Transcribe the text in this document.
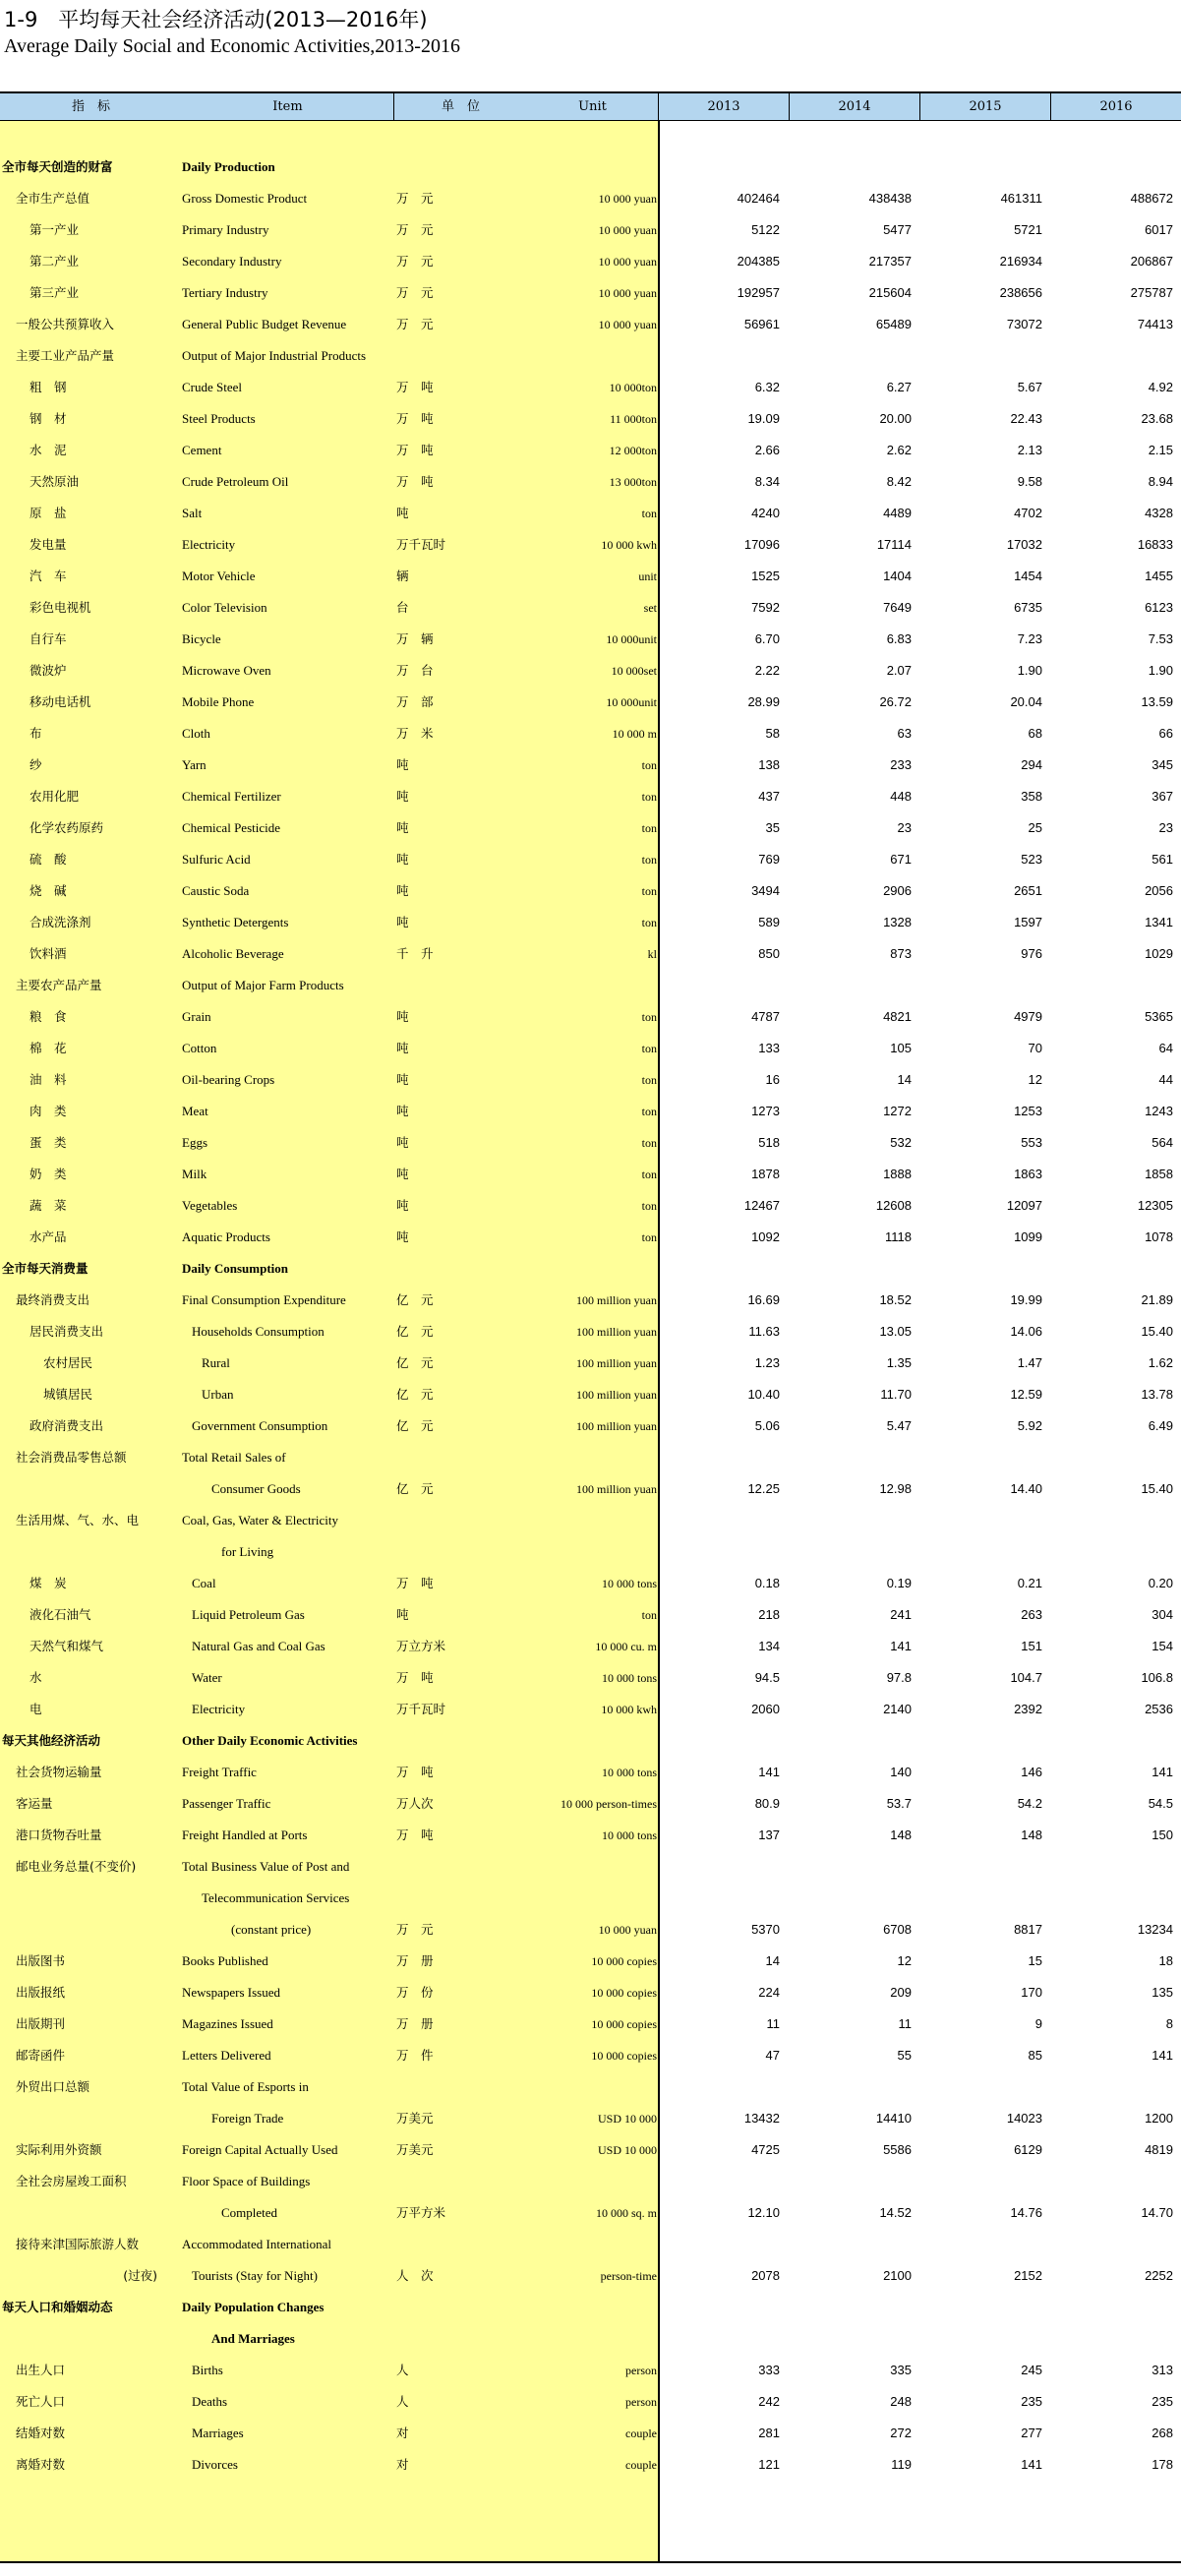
1-9　平均每天社会经济活动(2013—2016年)
Average Daily Social and Economic Activities,2013-2016
指　标	Item	单　位	Unit	2013	2014	2015	2016
全市每天创造的财富	Daily Production
全市生产总值	Gross Domestic Product	万　元	10 000 yuan	402464	438438	461311	488672
第一产业	Primary Industry	万　元	10 000 yuan	5122	5477	5721	6017
第二产业	Secondary Industry	万　元	10 000 yuan	204385	217357	216934	206867
第三产业	Tertiary Industry	万　元	10 000 yuan	192957	215604	238656	275787
一般公共预算收入	General Public Budget Revenue	万　元	10 000 yuan	56961	65489	73072	74413
主要工业产品产量	Output of Major Industrial Products
粗　钢	Crude Steel	万　吨	10 000ton	6.32	6.27	5.67	4.92
钢　材	Steel Products	万　吨	11 000ton	19.09	20.00	22.43	23.68
水　泥	Cement	万　吨	12 000ton	2.66	2.62	2.13	2.15
天然原油	Crude Petroleum Oil	万　吨	13 000ton	8.34	8.42	9.58	8.94
原　盐	Salt	吨	ton	4240	4489	4702	4328
发电量	Electricity	万千瓦时	10 000 kwh	17096	17114	17032	16833
汽　车	Motor Vehicle	辆	unit	1525	1404	1454	1455
彩色电视机	Color Television	台	set	7592	7649	6735	6123
自行车	Bicycle	万　辆	10 000unit	6.70	6.83	7.23	7.53
微波炉	Microwave Oven	万　台	10 000set	2.22	2.07	1.90	1.90
移动电话机	Mobile Phone	万　部	10 000unit	28.99	26.72	20.04	13.59
布	Cloth	万　米	10 000 m	58	63	68	66
纱	Yarn	吨	ton	138	233	294	345
农用化肥	Chemical Fertilizer	吨	ton	437	448	358	367
化学农药原药	Chemical Pesticide	吨	ton	35	23	25	23
硫　酸	Sulfuric Acid	吨	ton	769	671	523	561
烧　碱	Caustic Soda	吨	ton	3494	2906	2651	2056
合成洗涤剂	Synthetic Detergents	吨	ton	589	1328	1597	1341
饮料酒	Alcoholic Beverage	千　升	kl	850	873	976	1029
主要农产品产量	Output of Major Farm Products
粮　食	Grain	吨	ton	4787	4821	4979	5365
棉　花	Cotton	吨	ton	133	105	70	64
油　料	Oil-bearing Crops	吨	ton	16	14	12	44
肉　类	Meat	吨	ton	1273	1272	1253	1243
蛋　类	Eggs	吨	ton	518	532	553	564
奶　类	Milk	吨	ton	1878	1888	1863	1858
蔬　菜	Vegetables	吨	ton	12467	12608	12097	12305
水产品	Aquatic Products	吨	ton	1092	1118	1099	1078
全市每天消费量	Daily Consumption
最终消费支出	Final Consumption Expenditure	亿　元	100 million yuan	16.69	18.52	19.99	21.89
居民消费支出	Households Consumption	亿　元	100 million yuan	11.63	13.05	14.06	15.40
农村居民	Rural	亿　元	100 million yuan	1.23	1.35	1.47	1.62
城镇居民	Urban	亿　元	100 million yuan	10.40	11.70	12.59	13.78
政府消费支出	Government Consumption	亿　元	100 million yuan	5.06	5.47	5.92	6.49
社会消费品零售总额	Total Retail Sales of
Consumer Goods	亿　元	100 million yuan	12.25	12.98	14.40	15.40
生活用煤、气、水、电	Coal, Gas, Water & Electricity
for Living
煤　炭	Coal	万　吨	10 000 tons	0.18	0.19	0.21	0.20
液化石油气	Liquid Petroleum Gas	吨	ton	218	241	263	304
天然气和煤气	Natural Gas and Coal Gas	万立方米	10 000 cu. m	134	141	151	154
水	Water	万　吨	10 000 tons	94.5	97.8	104.7	106.8
电	Electricity	万千瓦时	10 000 kwh	2060	2140	2392	2536
每天其他经济活动	Other Daily Economic Activities
社会货物运输量	Freight Traffic	万　吨	10 000 tons	141	140	146	141
客运量	Passenger Traffic	万人次	10 000 person-times	80.9	53.7	54.2	54.5
港口货物吞吐量	Freight Handled at Ports	万　吨	10 000 tons	137	148	148	150
邮电业务总量(不变价)	Total Business Value of Post and
Telecommunication Services
(constant price)	万　元	10 000 yuan	5370	6708	8817	13234
出版图书	Books Published	万　册	10 000 copies	14	12	15	18
出版报纸	Newspapers Issued	万　份	10 000 copies	224	209	170	135
出版期刊	Magazines Issued	万　册	10 000 copies	11	11	9	8
邮寄函件	Letters Delivered	万　件	10 000 copies	47	55	85	141
外贸出口总额	Total Value of Esports in
Foreign Trade	万美元	USD 10 000	13432	14410	14023	1200
实际利用外资额	Foreign Capital Actually Used	万美元	USD 10 000	4725	5586	6129	4819
全社会房屋竣工面积	Floor Space of Buildings
Completed	万平方米	10 000 sq. m	12.10	14.52	14.76	14.70
接待来津国际旅游人数	Accommodated International
(过夜)	Tourists (Stay for Night)	人　次	person-time	2078	2100	2152	2252
每天人口和婚姻动态	Daily Population Changes
And Marriages
出生人口	Births	人	person	333	335	245	313
死亡人口	Deaths	人	person	242	248	235	235
结婚对数	Marriages	对	couple	281	272	277	268
离婚对数	Divorces	对	couple	121	119	141	178
